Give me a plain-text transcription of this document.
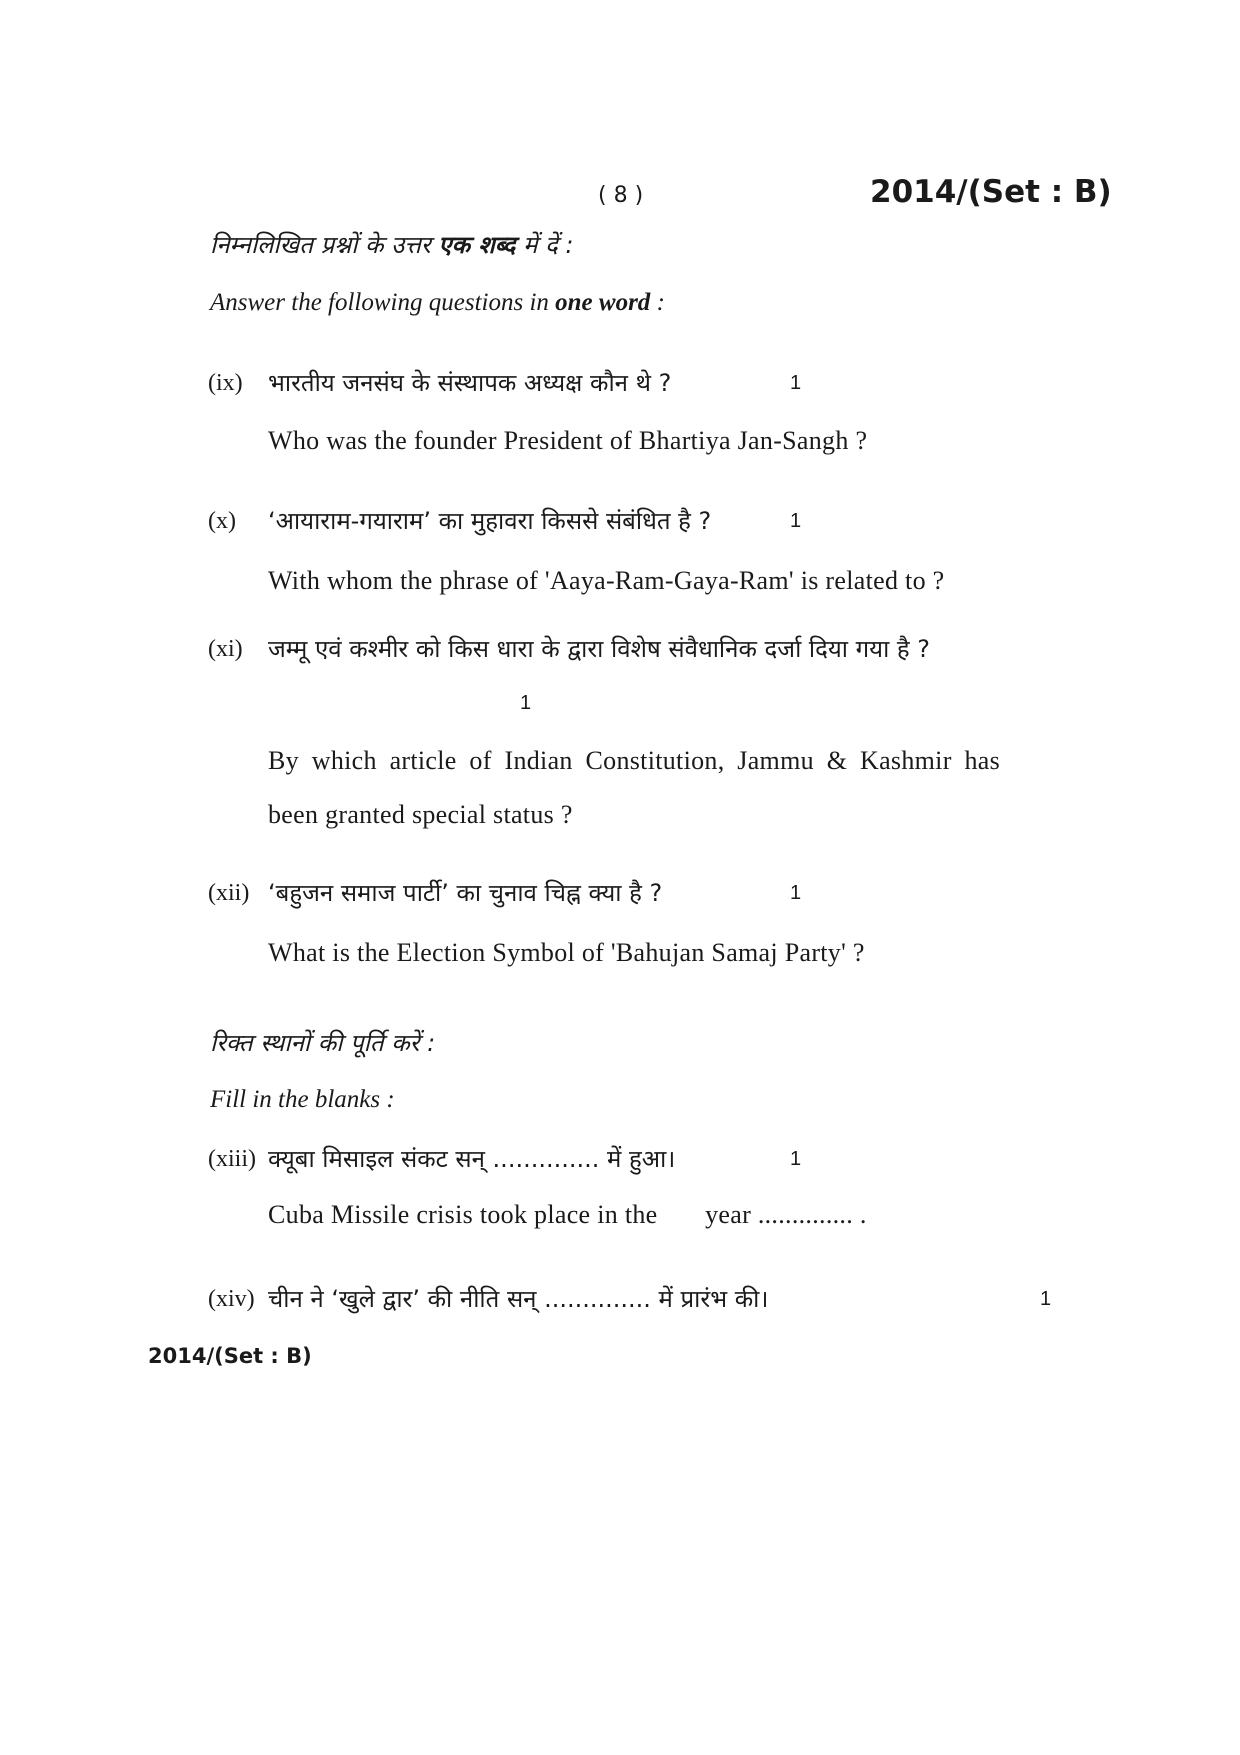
( 8 )	2014/(Set : B)
निम्नलिखित प्रश्नों के उत्तर एक शब्द में दें :
Answer the following questions in one word :
(ix) भारतीय जनसंघ के संस्थापक अध्यक्ष कौन थे ?	1
Who was the founder President of Bhartiya Jan-Sangh ?
(x) ‘आयाराम-गयाराम’ का मुहावरा किससे संबंधित है ?	1
With whom the phrase of 'Aaya-Ram-Gaya-Ram' is related to ?
(xi) जम्मू एवं कश्मीर को किस धारा के द्वारा विशेष संवैधानिक दर्जा दिया गया है ?
1
By which article of Indian Constitution, Jammu & Kashmir has
been granted special status ?
(xii) ‘बहुजन समाज पार्टी’ का चुनाव चिह्न क्या है ?	1
What is the Election Symbol of 'Bahujan Samaj Party' ?
रिक्त स्थानों की पूर्ति करें :
Fill in the blanks :
(xiii) क्यूबा मिसाइल संकट सन् .............. में हुआ।	1
Cuba Missile crisis took place in the       year .............. .
(xiv) चीन ने ‘खुले द्वार’ की नीति सन् .............. में प्रारंभ की।	1
2014/(Set : B)
